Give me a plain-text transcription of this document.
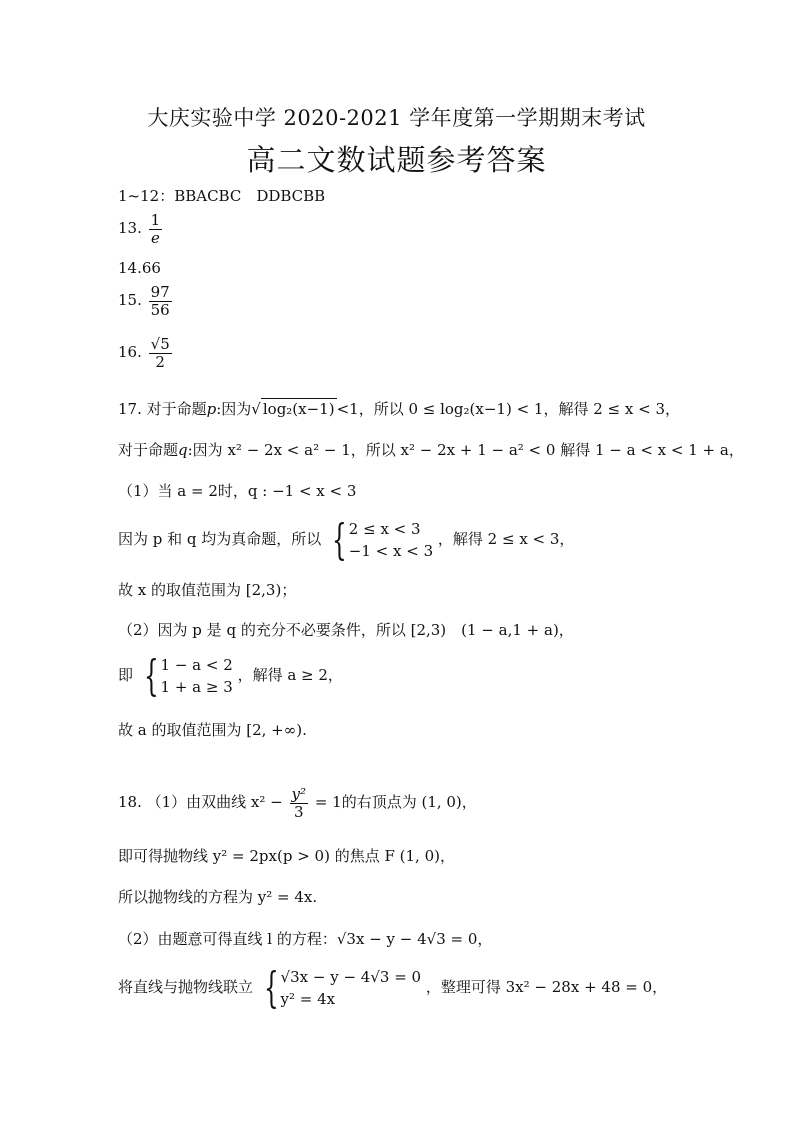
大庆实验中学 2020-2021 学年度第一学期期末考试
高二文数试题参考答案
1~12：BBACBC　DDBCBB
13. $\frac{1}{e}$
14.66
15. $\frac{97}{56}$
16. $\frac{√5}{2}$
17. 对于命题p:因为√ log₂(x−1) <1，所以 0 ≤ log₂(x−1) < 1，解得 2 ≤ x < 3，
对于命题q:因为 x² − 2x < a² − 1，所以 x² − 2x + 1 − a² < 0 解得 1 − a < x < 1 + a，
（1）当 a = 2时，q : −1 < x < 3
因为 p 和 q 均为真命题，所以 { 2 ≤ x < 3
−1 < x < 3
，解得 2 ≤ x < 3，
故 x 的取值范围为 [2,3)；
（2）因为 p 是 q 的充分不必要条件，所以 [2,3)　(1 − a,1 + a)，
即 { 1 − a < 2
1 + a ≥ 3
，解得 a ≥ 2，
故 a 的取值范围为 [2, +∞).
18. （1）由双曲线 $x^2 - \frac{\text{y²}}{3} = 1$的右顶点为 (1, 0)，
即可得抛物线 y² = 2px(p > 0) 的焦点 F (1, 0)，
所以抛物线的方程为 y² = 4x.
（2）由题意可得直线 l 的方程：√3x − y − 4√3 = 0，
将直线与抛物线联立 { √3x − y − 4√3 = 0
y² = 4x
，整理可得 3x² − 28x + 48 = 0，
